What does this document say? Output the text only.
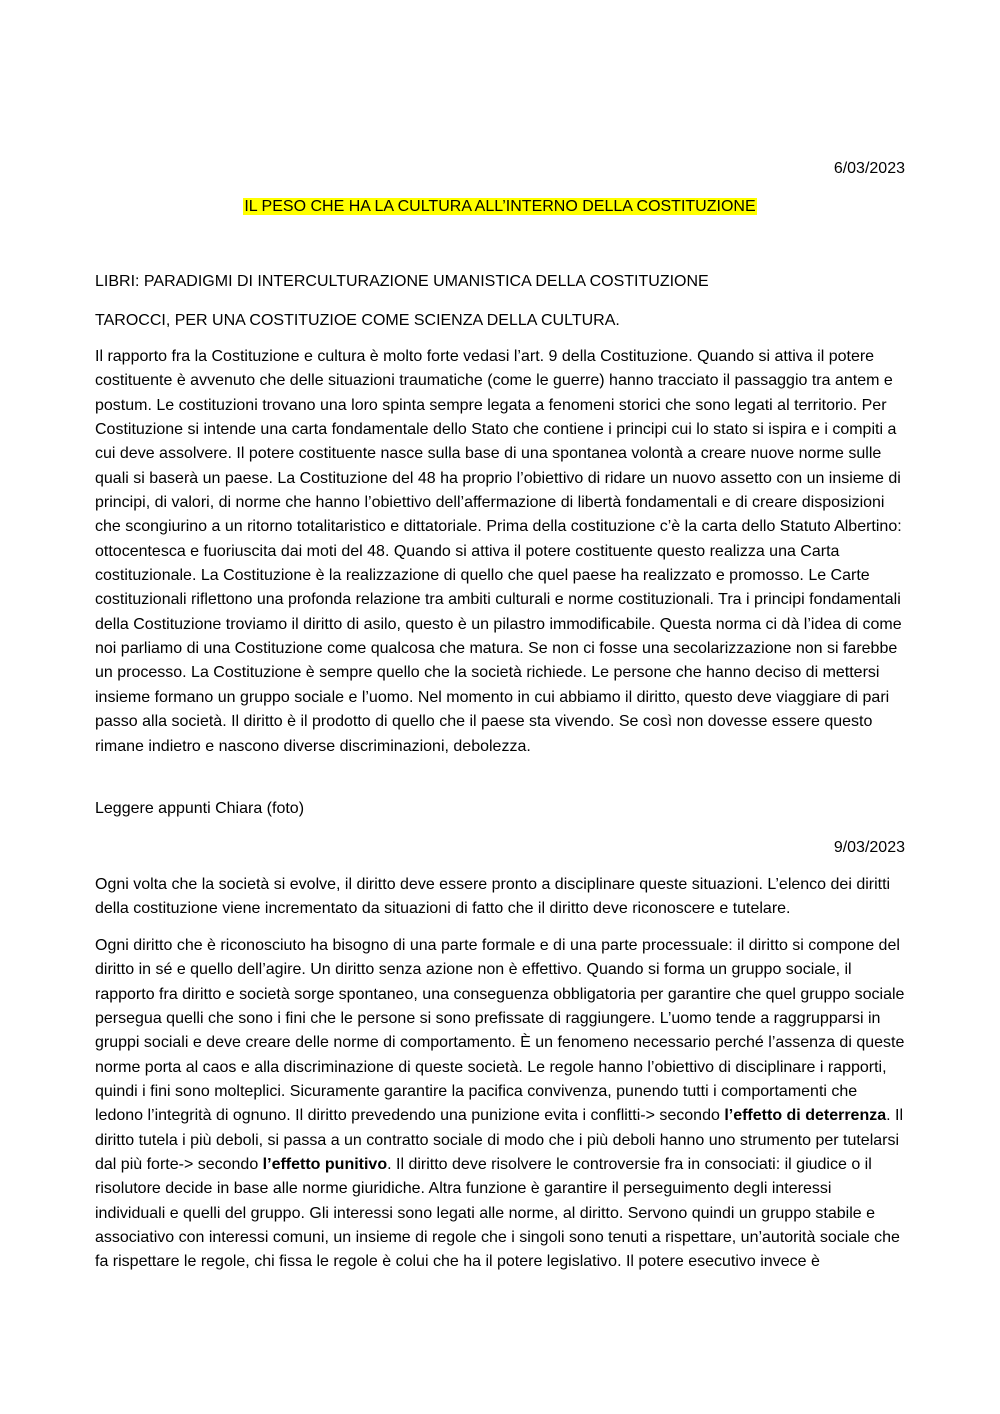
6/03/2023

IL PESO CHE HA LA CULTURA ALL’INTERNO DELLA COSTITUZIONE

LIBRI: PARADIGMI DI INTERCULTURAZIONE UMANISTICA DELLA COSTITUZIONE

TAROCCI, PER UNA COSTITUZIOE COME SCIENZA DELLA CULTURA.

Il rapporto fra la Costituzione e cultura è molto forte vedasi l’art. 9 della Costituzione. Quando si attiva il potere costituente è avvenuto che delle situazioni traumatiche (come le guerre) hanno tracciato il passaggio tra antem e postum. Le costituzioni trovano una loro spinta sempre legata a fenomeni storici che sono legati al territorio. Per Costituzione si intende una carta fondamentale dello Stato che contiene i principi cui lo stato si ispira e i compiti a cui deve assolvere. Il potere costituente nasce sulla base di una spontanea volontà a creare nuove norme sulle quali si baserà un paese. La Costituzione del 48 ha proprio l’obiettivo di ridare un nuovo assetto con un insieme di principi, di valori, di norme che hanno l’obiettivo dell’affermazione di libertà fondamentali e di creare disposizioni che scongiurino a un ritorno totalitaristico e dittatoriale. Prima della costituzione c’è la carta dello Statuto Albertino: ottocentesca e fuoriuscita dai moti del 48. Quando si attiva il potere costituente questo realizza una Carta costituzionale. La Costituzione è la realizzazione di quello che quel paese ha realizzato e promosso. Le Carte costituzionali riflettono una profonda relazione tra ambiti culturali e norme costituzionali. Tra i principi fondamentali della Costituzione troviamo il diritto di asilo, questo è un pilastro immodificabile. Questa norma ci dà l’idea di come noi parliamo di una Costituzione come qualcosa che matura. Se non ci fosse una secolarizzazione non si farebbe un processo. La Costituzione è sempre quello che la società richiede. Le persone che hanno deciso di mettersi insieme formano un gruppo sociale e l’uomo. Nel momento in cui abbiamo il diritto, questo deve viaggiare di pari passo alla società. Il diritto è il prodotto di quello che il paese sta vivendo. Se così non dovesse essere questo rimane indietro e nascono diverse discriminazioni, debolezza.

Leggere appunti Chiara (foto)

9/03/2023

Ogni volta che la società si evolve, il diritto deve essere pronto a disciplinare queste situazioni. L’elenco dei diritti della costituzione viene incrementato da situazioni di fatto che il diritto deve riconoscere e tutelare.

Ogni diritto che è riconosciuto ha bisogno di una parte formale e di una parte processuale: il diritto si compone del diritto in sé e quello dell’agire. Un diritto senza azione non è effettivo. Quando si forma un gruppo sociale, il rapporto fra diritto e società sorge spontaneo, una conseguenza obbligatoria per garantire che quel gruppo sociale persegua quelli che sono i fini che le persone si sono prefissate di raggiungere. L’uomo tende a raggrupparsi in gruppi sociali e deve creare delle norme di comportamento. È un fenomeno necessario perché l’assenza di queste norme porta al caos e alla discriminazione di queste società. Le regole hanno l’obiettivo di disciplinare i rapporti, quindi i fini sono molteplici. Sicuramente garantire la pacifica convivenza, punendo tutti i comportamenti che ledono l’integrità di ognuno. Il diritto prevedendo una punizione evita i conflitti-> secondo l’effetto di deterrenza. Il diritto tutela i più deboli, si passa a un contratto sociale di modo che i più deboli hanno uno strumento per tutelarsi dal più forte-> secondo l’effetto punitivo. Il diritto deve risolvere le controversie fra in consociati: il giudice o il risolutore decide in base alle norme giuridiche. Altra funzione è garantire il perseguimento degli interessi individuali e quelli del gruppo. Gli interessi sono legati alle norme, al diritto. Servono quindi un gruppo stabile e associativo con interessi comuni, un insieme di regole che i singoli sono tenuti a rispettare, un’autorità sociale che fa rispettare le regole, chi fissa le regole è colui che ha il potere legislativo. Il potere esecutivo invece è
